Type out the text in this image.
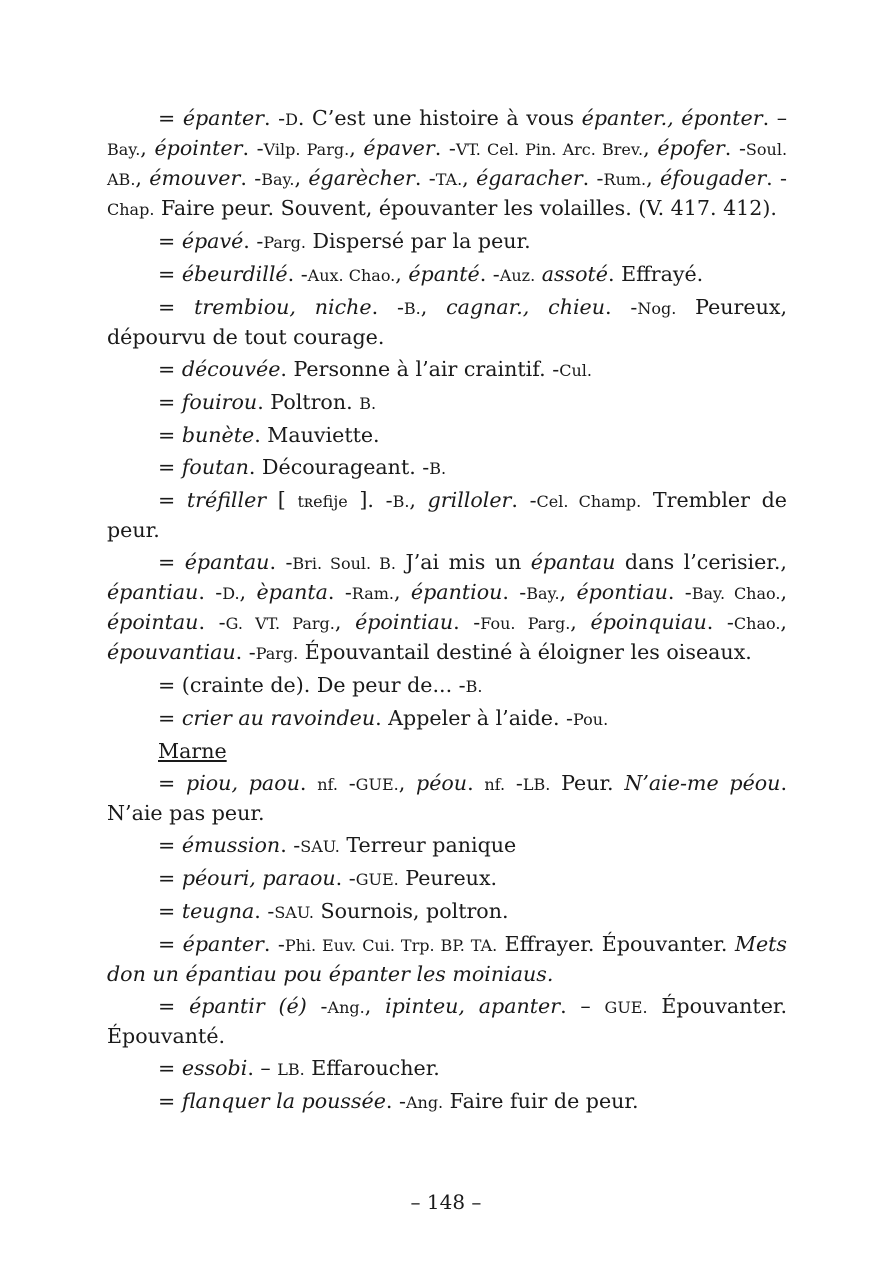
= épanter. -D. C’est une histoire à vous épanter., éponter. – Bay., épointer. -Vilp. Parg., épaver. -VT. Cel. Pin. Arc. Brev., épofer. -Soul. AB., émouver. -Bay., égarècher. -TA., égaracher. -Rum., éfougader. -Chap. Faire peur. Souvent, épouvanter les volailles. (V. 417. 412).

= épavé. -Parg. Dispersé par la peur.

= ébeurdillé. -Aux. Chao., épanté. -Auz. assoté. Effrayé.

= trembiou, niche. -B., cagnar., chieu. -Nog. Peureux, dépourvu de tout courage.

= découvée. Personne à l’air craintif. -Cul.

= fouirou. Poltron. B.

= bunète. Mauviette.

= foutan. Décourageant. -B.

= tréfiller [ tʀefije ]. -B., grilloler. -Cel. Champ. Trembler de peur.

= épantau. -Bri. Soul. B. J’ai mis un épantau dans l’cerisier., épantiau. -D., èpanta. -Ram., épantiou. -Bay., épontiau. -Bay. Chao., épointau. -G. VT. Parg., épointiau. -Fou. Parg., époinquiau. -Chao., épouvantiau. -Parg. Épouvantail destiné à éloigner les oiseaux.

= (crainte de). De peur de... -B.

= crier au ravoindeu. Appeler à l’aide. -Pou.

Marne

= piou, paou. nf. -GUE., péou. nf. -LB. Peur. N’aie-me péou. N’aie pas peur.

= émussion. -SAU. Terreur panique

= péouri, paraou. -GUE. Peureux.

= teugna. -SAU. Sournois, poltron.

= épanter. -Phi. Euv. Cui. Trp. BP. TA. Effrayer. Épouvanter. Mets don un épantiau pou épanter les moiniaus.

= épantir (é) -Ang., ipinteu, apanter. – GUE. Épouvanter. Épouvanté.

= essobi. – LB. Effaroucher.

= flanquer la poussée. -Ang. Faire fuir de peur.

– 148 –
